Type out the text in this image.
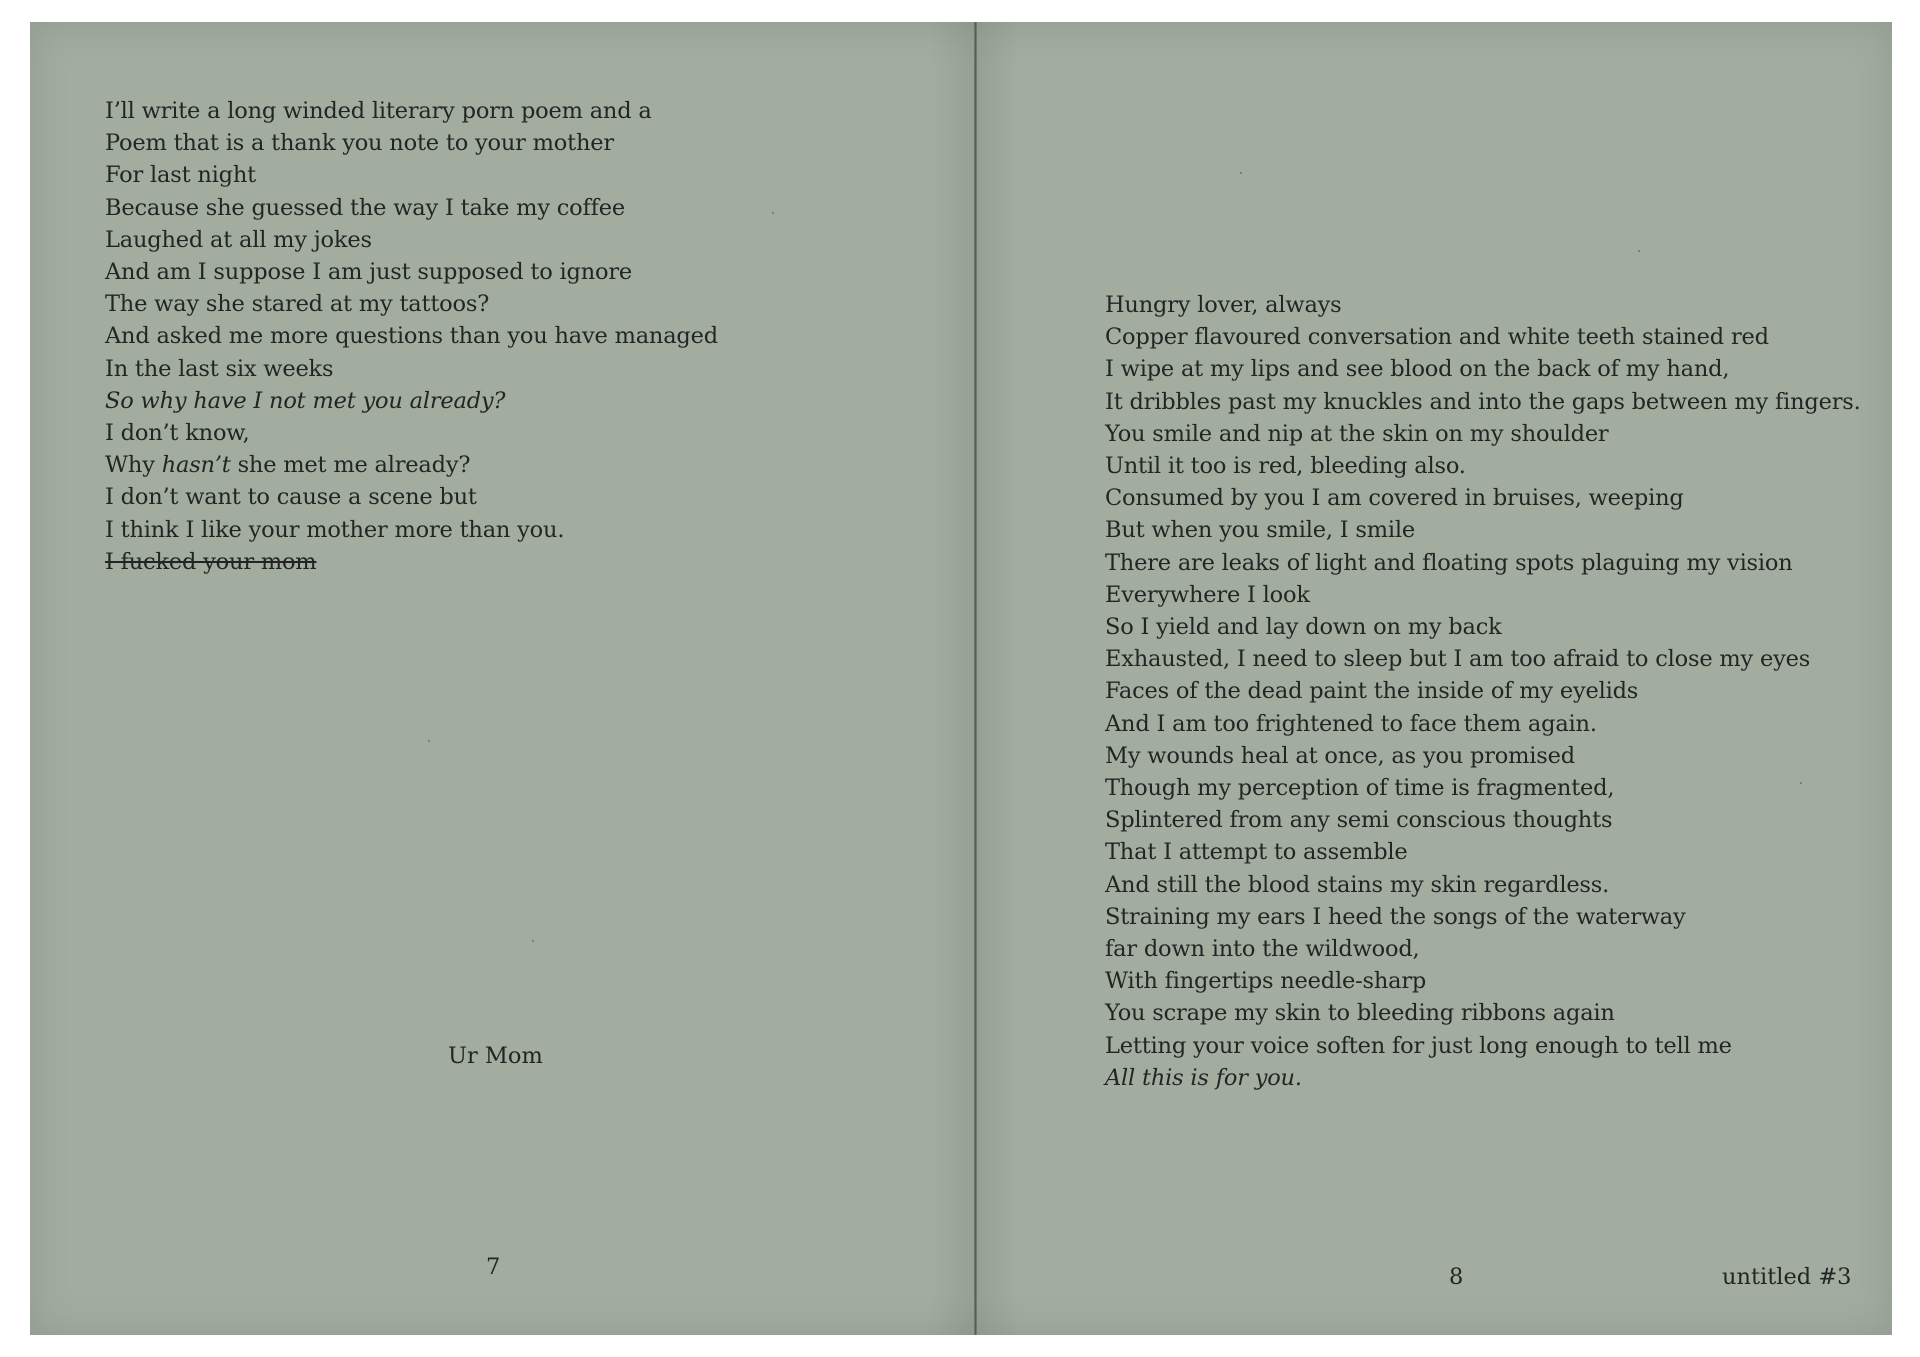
I’ll write a long winded literary porn poem and a
Poem that is a thank you note to your mother
For last night
Because she guessed the way I take my coffee
Laughed at all my jokes
And am I suppose I am just supposed to ignore
The way she stared at my tattoos?
And asked me more questions than you have managed
In the last six weeks
So why have I not met you already?
I don’t know,
Why hasn’t she met me already?
I don’t want to cause a scene but
I think I like your mother more than you.
I fucked your mom
Ur Mom
7
Hungry lover, always
Copper flavoured conversation and white teeth stained red
I wipe at my lips and see blood on the back of my hand,
It dribbles past my knuckles and into the gaps between my fingers.
You smile and nip at the skin on my shoulder
Until it too is red, bleeding also.
Consumed by you I am covered in bruises, weeping
But when you smile, I smile
There are leaks of light and floating spots plaguing my vision
Everywhere I look
So I yield and lay down on my back
Exhausted, I need to sleep but I am too afraid to close my eyes
Faces of the dead paint the inside of my eyelids
And I am too frightened to face them again.
My wounds heal at once, as you promised
Though my perception of time is fragmented,
Splintered from any semi conscious thoughts
That I attempt to assemble
And still the blood stains my skin regardless.
Straining my ears I heed the songs of the waterway
far down into the wildwood,
With fingertips needle-sharp
You scrape my skin to bleeding ribbons again
Letting your voice soften for just long enough to tell me
All this is for you.
8	untitled #3
